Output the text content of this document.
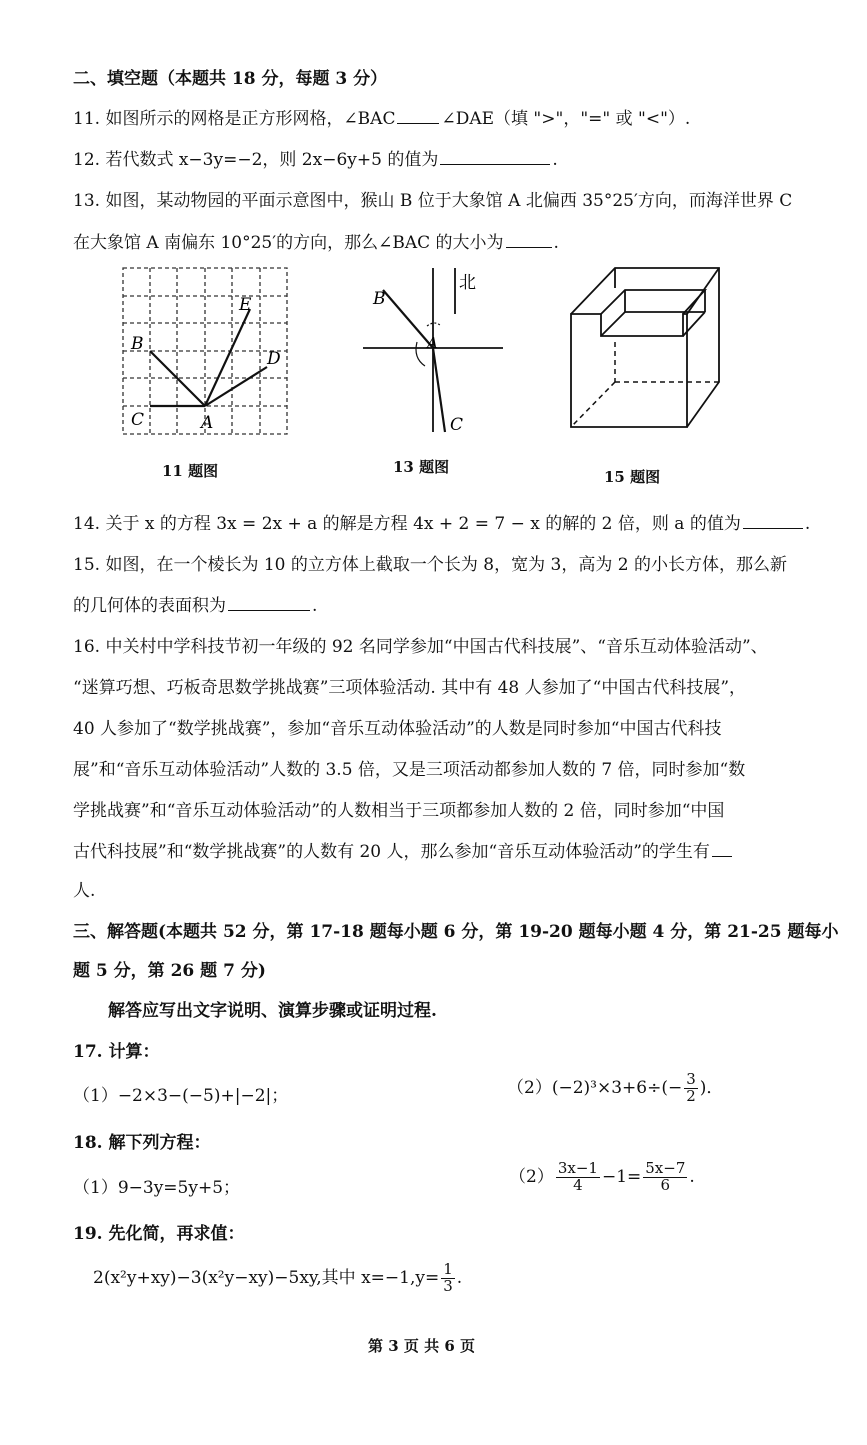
二、填空题（本题共 18 分，每题 3 分）
11. 如图所示的网格是正方形网格，∠BAC	∠DAE（填 ">"，"=" 或 "<"）.
12. 若代数式 x−3y=−2，则 2x−6y+5 的值为	.
13. 如图，某动物园的平面示意图中，猴山 B 位于大象馆 A 北偏西 35°25′方向，而海洋世界 C
在大象馆 A 南偏东 10°25′的方向，那么∠BAC 的大小为	.
B
C	A
E
D
11 题图
北
B
A
C
13 题图
15 题图
14. 关于 x 的方程 3x = 2x + a 的解是方程 4x + 2 = 7 − x 的解的 2 倍，则 a 的值为	.
15. 如图，在一个棱长为 10 的立方体上截取一个长为 8，宽为 3，高为 2 的小长方体，那么新
的几何体的表面积为	.
16. 中关村中学科技节初一年级的 92 名同学参加“中国古代科技展”、“音乐互动体验活动”、
“迷算巧想、巧板奇思数学挑战赛”三项体验活动. 其中有 48 人参加了“中国古代科技展”，
40 人参加了“数学挑战赛”，参加“音乐互动体验活动”的人数是同时参加“中国古代科技
展”和“音乐互动体验活动”人数的 3.5 倍，又是三项活动都参加人数的 7 倍，同时参加“数
学挑战赛”和“音乐互动体验活动”的人数相当于三项都参加人数的 2 倍，同时参加“中国
古代科技展”和“数学挑战赛”的人数有 20 人，那么参加“音乐互动体验活动”的学生有
人.
三、解答题(本题共 52 分，第 17-18 题每小题 6 分，第 19-20 题每小题 4 分，第 21-25 题每小
题 5 分，第 26 题 7 分)
解答应写出文字说明、演算步骤或证明过程.
17. 计算：
（1）−2×3−(−5)+|−2|；	$(2)(-2)^3\times 3+6\div(- \frac{3}{2}$ )．
18. 解下列方程：
（1）9−3y=5y+5；
$(2) \frac{3x-1}{4} -1= \frac{5x-7}{6}$ .
19. 先化简，再求值：
2(x²y+xy)−3(x²y−xy)−5xy,其中 $x=-1,y= \frac{1}{3}$ .
第 3 页 共 6 页
